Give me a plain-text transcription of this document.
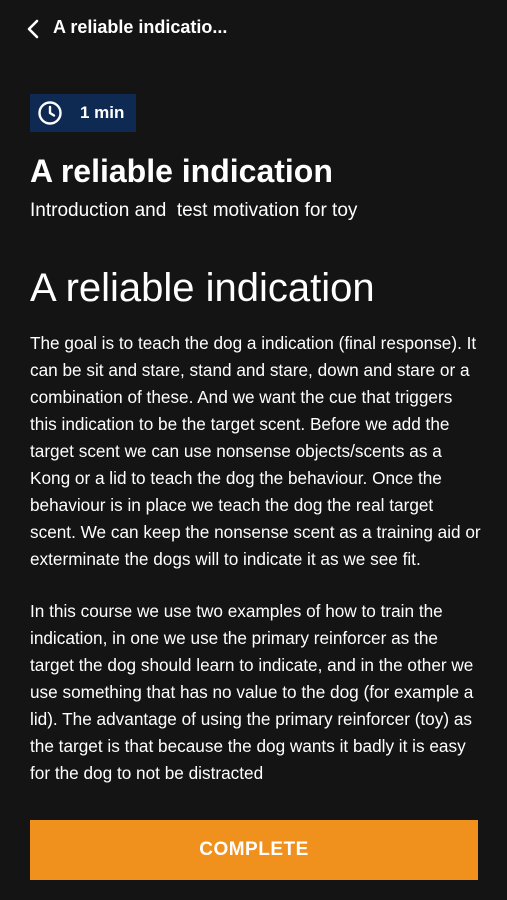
A reliable indicatio...
1 min
A reliable indication

Introduction and  test motivation for toy

A reliable indication

The goal is to teach the dog a indication (final response). It can be sit and stare, stand and stare, down and stare or a combination of these. And we want the cue that triggers this indication to be the target scent. Before we add the target scent we can use nonsense objects/scents as a Kong or a lid to teach the dog the behaviour. Once the behaviour is in place we teach the dog the real target scent. We can keep the nonsense scent as a training aid or exterminate the dogs will to indicate it as we see fit.

In this course we use two examples of how to train the indication, in one we use the primary reinforcer as the target the dog should learn to indicate, and in the other we use something that has no value to the dog (for example a lid). The advantage of using the primary reinforcer (toy) as the target is that because the dog wants it badly it is easy for the dog to not be distracted

COMPLETE
